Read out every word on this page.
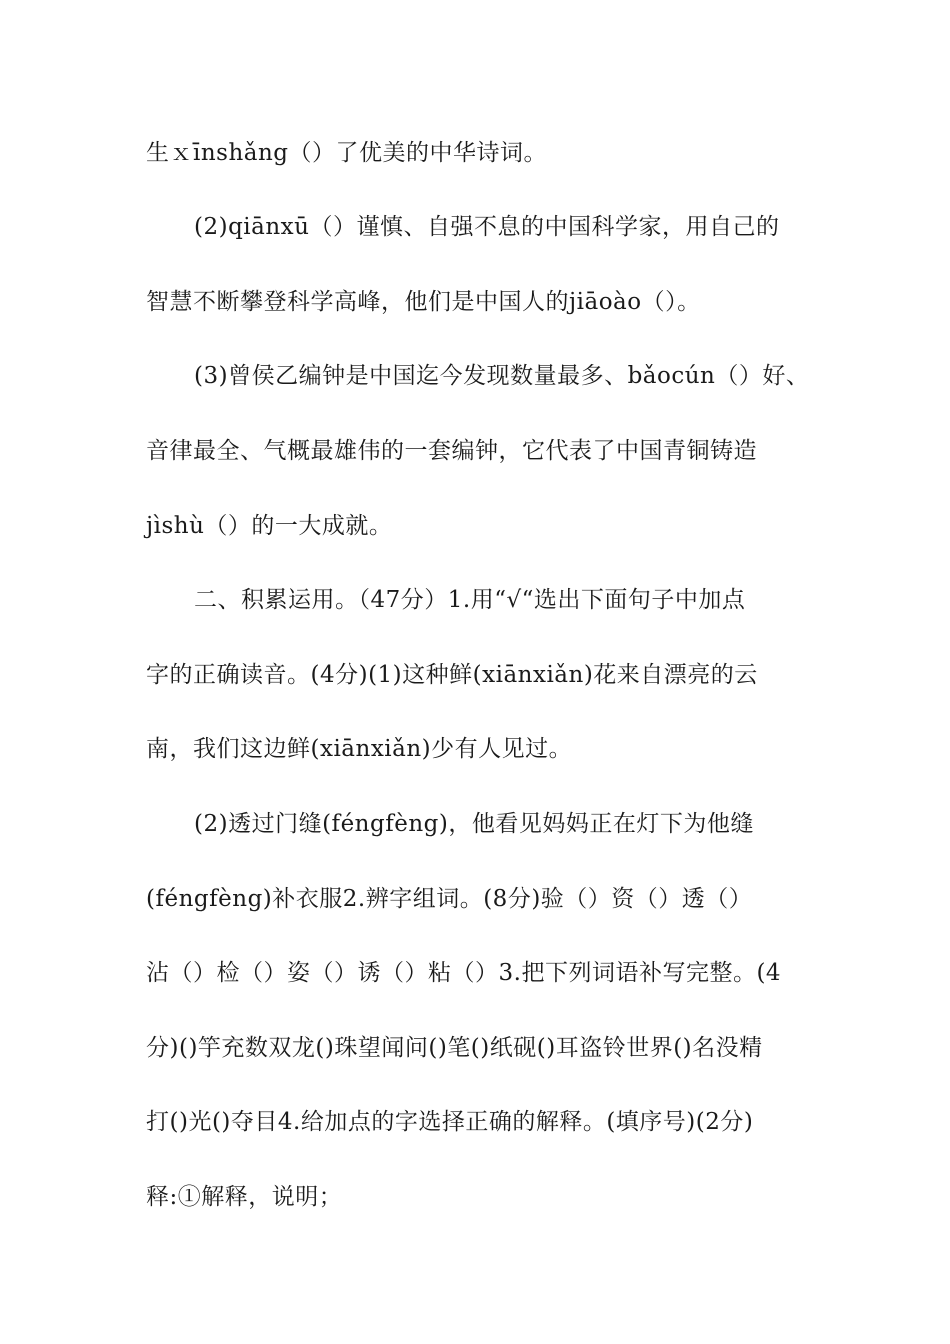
生ｘīnshǎng（）了优美的中华诗词。
(2)qiānxū（）谨慎、自强不息的中国科学家，用自己的
智慧不断攀登科学高峰，他们是中国人的jiāoào（）。
(3)曾侯乙编钟是中国迄今发现数量最多、bǎocún（）好、
音律最全、气概最雄伟的一套编钟，它代表了中国青铜铸造
jìshù（）的一大成就。
二、积累运用。（47分）1.用“√“选出下面句子中加点
字的正确读音。(4分)(1)这种鲜(xiānxiǎn)花来自漂亮的云
南，我们这边鲜(xiānxiǎn)少有人见过。
(2)透过门缝(féngfèng)，他看见妈妈正在灯下为他缝
(féngfèng)补衣服2.辨字组词。(8分)验（）资（）透（）
沾（）检（）姿（）诱（）粘（）3.把下列词语补写完整。(4
分)()竽充数双龙()珠望闻问()笔()纸砚()耳盗铃世界()名没精
打()光()夺目4.给加点的字选择正确的解释。(填序号)(2分)
释:①解释，说明；
